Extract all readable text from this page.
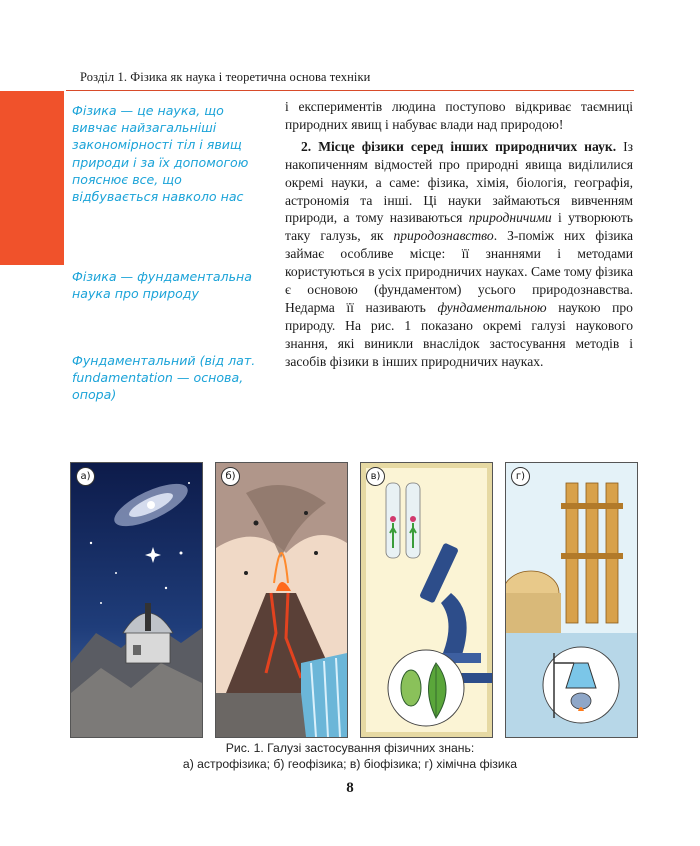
Розділ 1. Фізика як наука і теоретична основа техніки
Фізика — це наука, що вивчає найзагальніші закономірності тіл і явищ природи і за їх допомогою пояснює все, що відбувається навколо нас
Фізика — фундаментальна наука про природу
Фундаментальний (від лат. fundamentation — основа, опора)

і експериментів людина поступово відкриває таємниці природних явищ і набуває влади над природою!

2. Місце фізики серед інших природничих наук. Із накопиченням відмостей про природні явища виділилися окремі науки, а саме: фізика, хімія, біологія, географія, астрономія та інші. Ці науки займаються вивченням природи, а тому називаються природничими і утворюють таку галузь, як природознавство. З-поміж них фізика займає особливе місце: її знаннями і методами користуються в усіх природничих науках. Саме тому фізика є основою (фундаментом) усього природознавства. Недарма її називають фундаментальною наукою про природу. На рис. 1 показано окремі галузі наукового знання, які виникли внаслідок застосування методів і засобів фізики в інших природничих науках.

а)	б)	в)	г)
Рис. 1. Галузі застосування фізичних знань:
а) астрофізика; б) геофізика; в) біофізика; г) хімічна фізика
8
